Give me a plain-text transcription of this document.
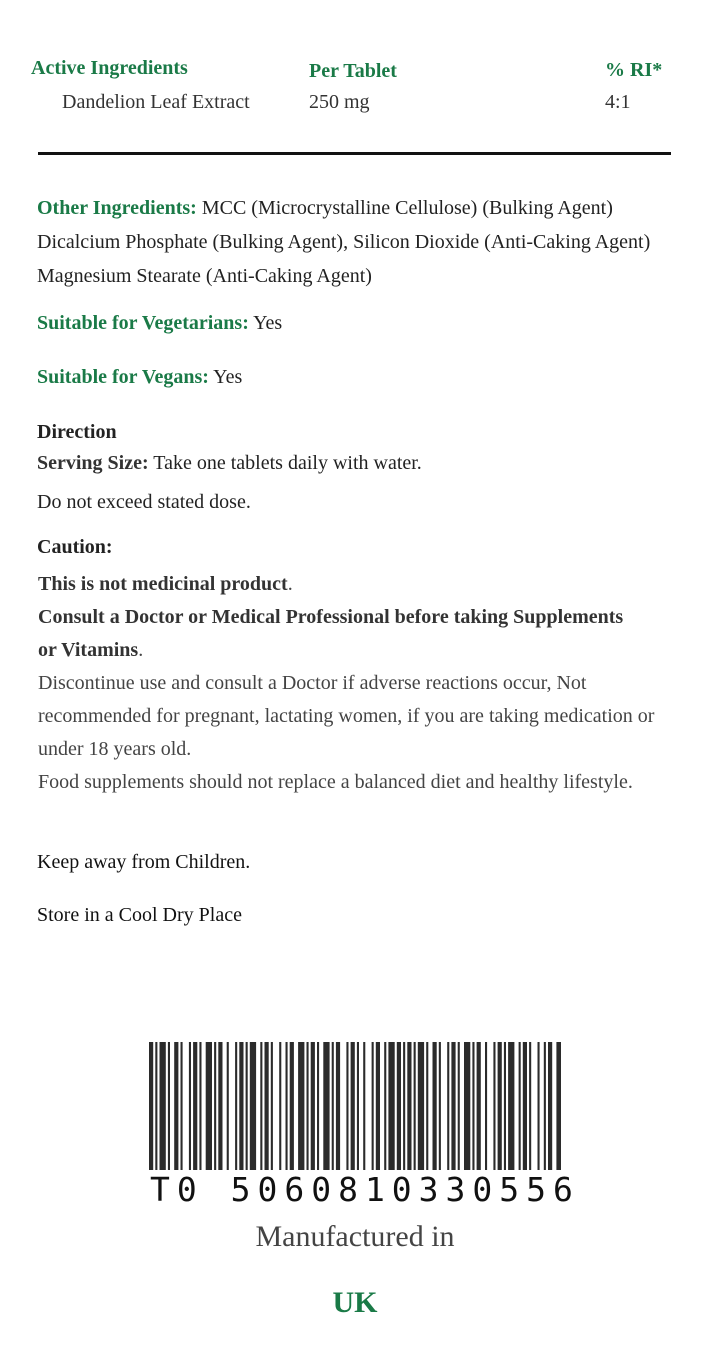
Active Ingredients	Per Tablet	% RI*
Dandelion Leaf Extract	250 mg	4:1
Other Ingredients: MCC (Microcrystalline Cellulose) (Bulking Agent)
Dicalcium Phosphate (Bulking Agent), Silicon Dioxide (Anti-Caking Agent)
Magnesium Stearate (Anti-Caking Agent)
Suitable for Vegetarians: Yes
Suitable for Vegans: Yes
Direction
Serving Size: Take one tablets daily with water.
Do not exceed stated dose.
Caution:
This is not medicinal product.
Consult a Doctor or Medical Professional before taking Supplements
or Vitamins.
Discontinue use and consult a Doctor if adverse reactions occur, Not
recommended for pregnant, lactating women, if you are taking medication or
under 18 years old.
Food supplements should not replace a balanced diet and healthy lifestyle.
Keep away from Children.
Store in a Cool Dry Place
T0 5060810330556
Manufactured in
UK
